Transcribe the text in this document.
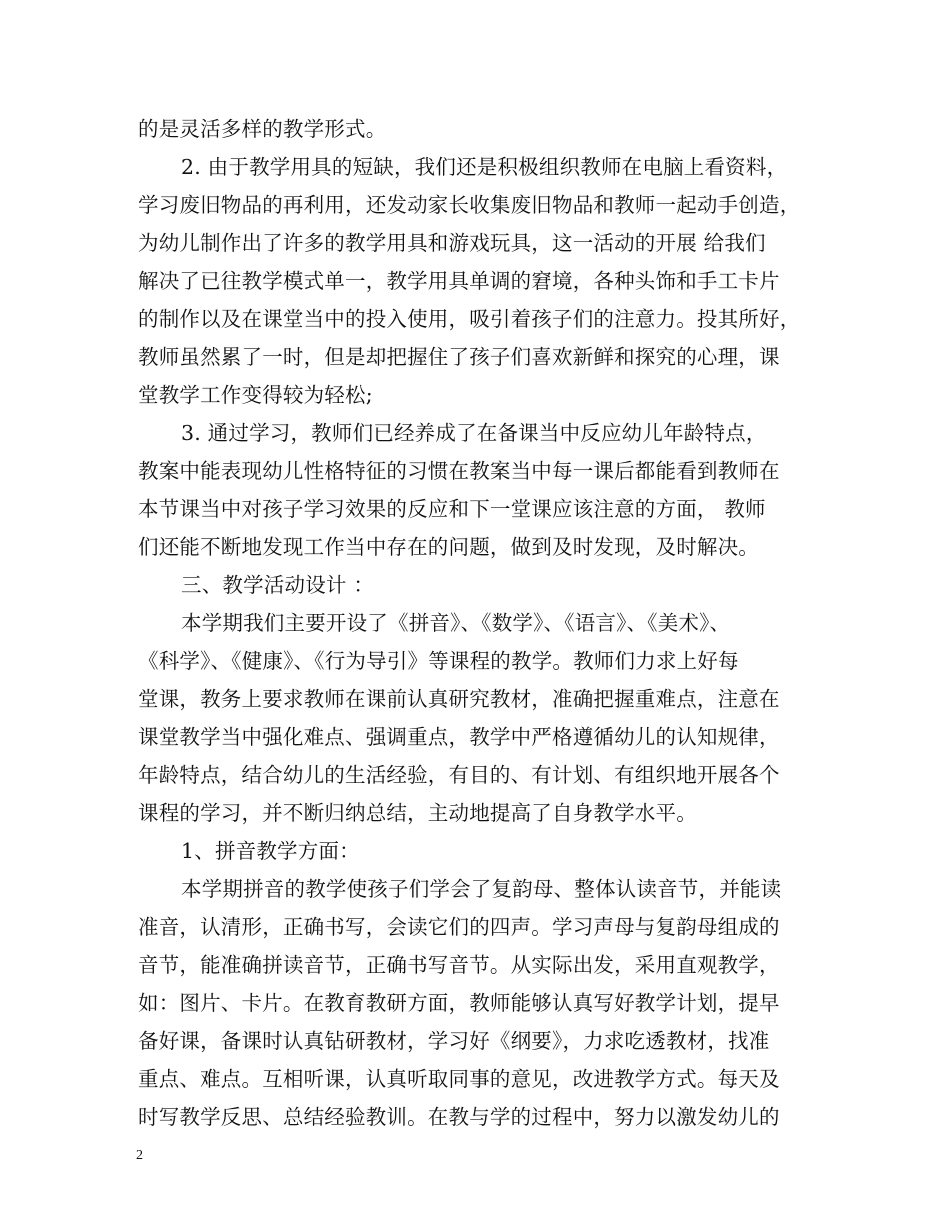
的是灵活多样的教学形式。
2. 由于教学用具的短缺，我们还是积极组织教师在电脑上看资料，
学习废旧物品的再利用，还发动家长收集废旧物品和教师一起动手创造，
为幼儿制作出了许多的教学用具和游戏玩具，这一活动的开展 给我们
解决了已往教学模式单一，教学用具单调的窘境，各种头饰和手工卡片
的制作以及在课堂当中的投入使用，吸引着孩子们的注意力。投其所好，
教师虽然累了一时，但是却把握住了孩子们喜欢新鲜和探究的心理，课
堂教学工作变得较为轻松;
3. 通过学习，教师们已经养成了在备课当中反应幼儿年龄特点，
教案中能表现幼儿性格特征的习惯在教案当中每一课后都能看到教师在
本节课当中对孩子学习效果的反应和下一堂课应该注意的方面， 教师
们还能不断地发现工作当中存在的问题，做到及时发现，及时解决。
三、教学活动设计 ：
本学期我们主要开设了《拼音》、《数学》、《语言》、《美术》、
《科学》、《健康》、《行为导引》等课程的教学。教师们力求上好每
堂课，教务上要求教师在课前认真研究教材，准确把握重难点，注意在
课堂教学当中强化难点、强调重点，教学中严格遵循幼儿的认知规律，
年龄特点，结合幼儿的生活经验，有目的、有计划、有组织地开展各个
课程的学习，并不断归纳总结，主动地提高了自身教学水平。
1、拼音教学方面：
本学期拼音的教学使孩子们学会了复韵母、整体认读音节，并能读
准音，认清形，正确书写，会读它们的四声。学习声母与复韵母组成的
音节，能准确拼读音节，正确书写音节。从实际出发，采用直观教学，
如：图片、卡片。在教育教研方面，教师能够认真写好教学计划，提早
备好课，备课时认真钻研教材，学习好《纲要》，力求吃透教材，找准
重点、难点。互相听课，认真听取同事的意见，改进教学方式。每天及
时写教学反思、总结经验教训。在教与学的过程中，努力以激发幼儿的
2
